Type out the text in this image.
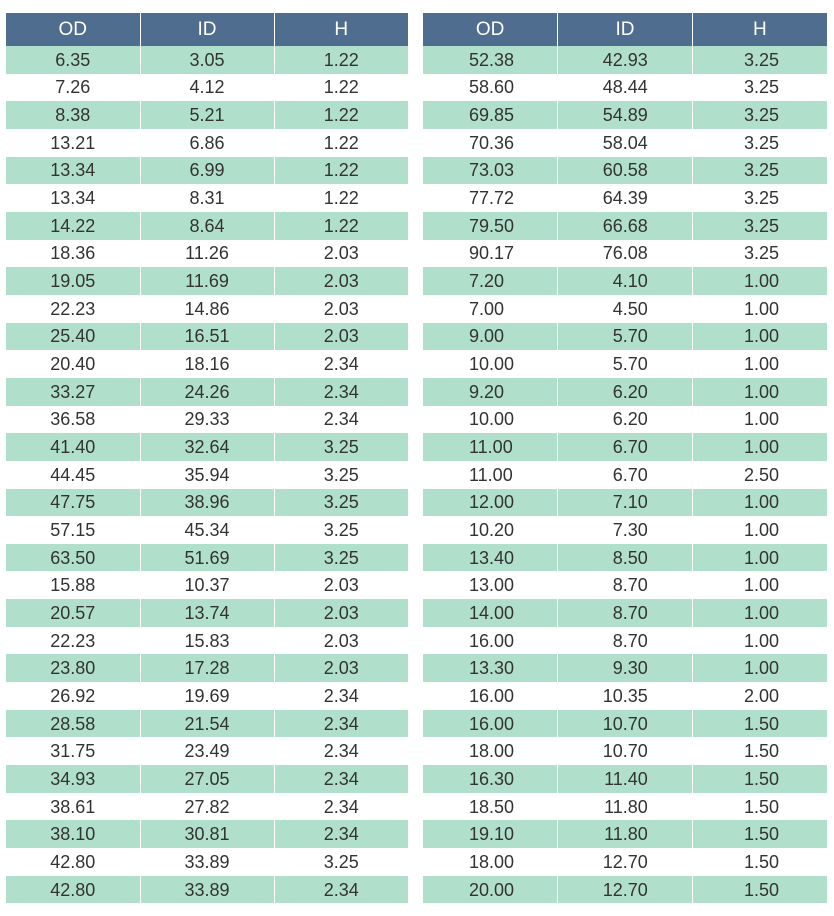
OD	ID	H
6.35	3.05	1.22
7.26	4.12	1.22
8.38	5.21	1.22
13.21	6.86	1.22
13.34	6.99	1.22
13.34	8.31	1.22
14.22	8.64	1.22
18.36	11.26	2.03
19.05	11.69	2.03
22.23	14.86	2.03
25.40	16.51	2.03
20.40	18.16	2.34
33.27	24.26	2.34
36.58	29.33	2.34
41.40	32.64	3.25
44.45	35.94	3.25
47.75	38.96	3.25
57.15	45.34	3.25
63.50	51.69	3.25
15.88	10.37	2.03
20.57	13.74	2.03
22.23	15.83	2.03
23.80	17.28	2.03
26.92	19.69	2.34
28.58	21.54	2.34
31.75	23.49	2.34
34.93	27.05	2.34
38.61	27.82	2.34
38.10	30.81	2.34
42.80	33.89	3.25
42.80	33.89	2.34
OD	ID	H
52.38	42.93	3.25
58.60	48.44	3.25
69.85	54.89	3.25
70.36	58.04	3.25
73.03	60.58	3.25
77.72	64.39	3.25
79.50	66.68	3.25
90.17	76.08	3.25
7.20	4.10	1.00
7.00	4.50	1.00
9.00	5.70	1.00
10.00	5.70	1.00
9.20	6.20	1.00
10.00	6.20	1.00
11.00	6.70	1.00
11.00	6.70	2.50
12.00	7.10	1.00
10.20	7.30	1.00
13.40	8.50	1.00
13.00	8.70	1.00
14.00	8.70	1.00
16.00	8.70	1.00
13.30	9.30	1.00
16.00	10.35	2.00
16.00	10.70	1.50
18.00	10.70	1.50
16.30	11.40	1.50
18.50	11.80	1.50
19.10	11.80	1.50
18.00	12.70	1.50
20.00	12.70	1.50
